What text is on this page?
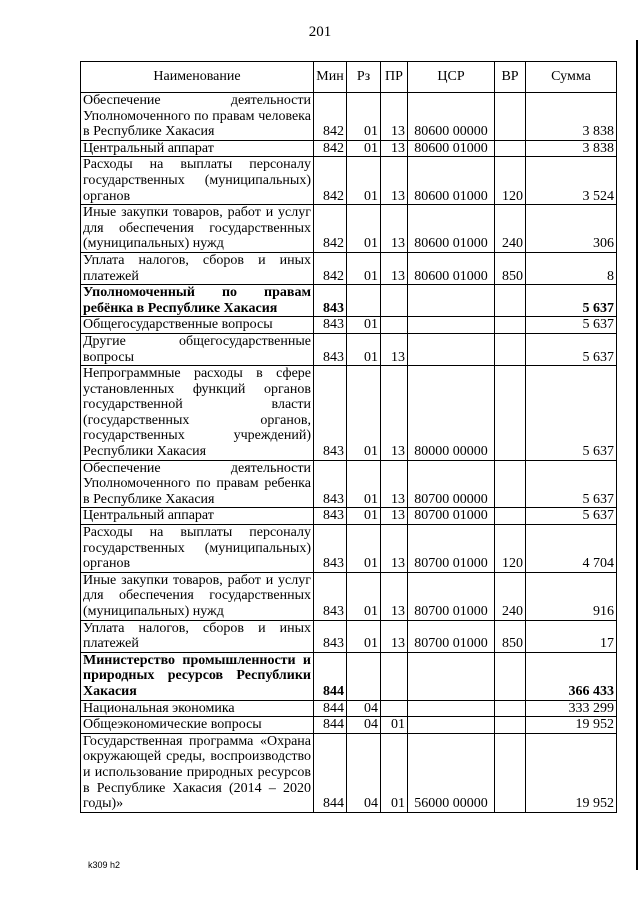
201
Наименование	Мин	Рз	ПР	ЦСР	ВР	Сумма

Обеспечение деятельности Уполномоченного по правам человека в Республике Хакасия	842	01	13	80600 00000		3 838

Центральный аппарат	842	01	13	80600 01000		3 838

Расходы на выплаты персоналу государственных (муниципальных) органов	842	01	13	80600 01000	120	3 524

Иные закупки товаров, работ и услуг для обеспечения государственных (муниципальных) нужд	842	01	13	80600 01000	240	306

Уплата налогов, сборов и иных платежей	842	01	13	80600 01000	850	8

Уполномоченный по правам ребёнка в Республике Хакасия	843					5 637

Общегосударственные вопросы	843	01				5 637

Другие общегосударственные вопросы	843	01	13			5 637

Непрограммные расходы в сфере установленных функций органов государственной власти (государственных органов, государственных учреждений) Республики Хакасия	843	01	13	80000 00000		5 637

Обеспечение деятельности Уполномоченного по правам ребенка в Республике Хакасия	843	01	13	80700 00000		5 637

Центральный аппарат	843	01	13	80700 01000		5 637

Расходы на выплаты персоналу государственных (муниципальных) органов	843	01	13	80700 01000	120	4 704

Иные закупки товаров, работ и услуг для обеспечения государственных (муниципальных) нужд	843	01	13	80700 01000	240	916

Уплата налогов, сборов и иных платежей	843	01	13	80700 01000	850	17

Министерство промышленности и природных ресурсов Республики Хакасия	844					366 433

Национальная экономика	844	04				333 299

Общеэкономические вопросы	844	04	01			19 952

Государственная программа «Охрана окружающей среды, воспроизводство и использование природных ресурсов в Республике Хакасия (2014 – 2020 годы)»	844	04	01	56000 00000		19 952
k309 h2
